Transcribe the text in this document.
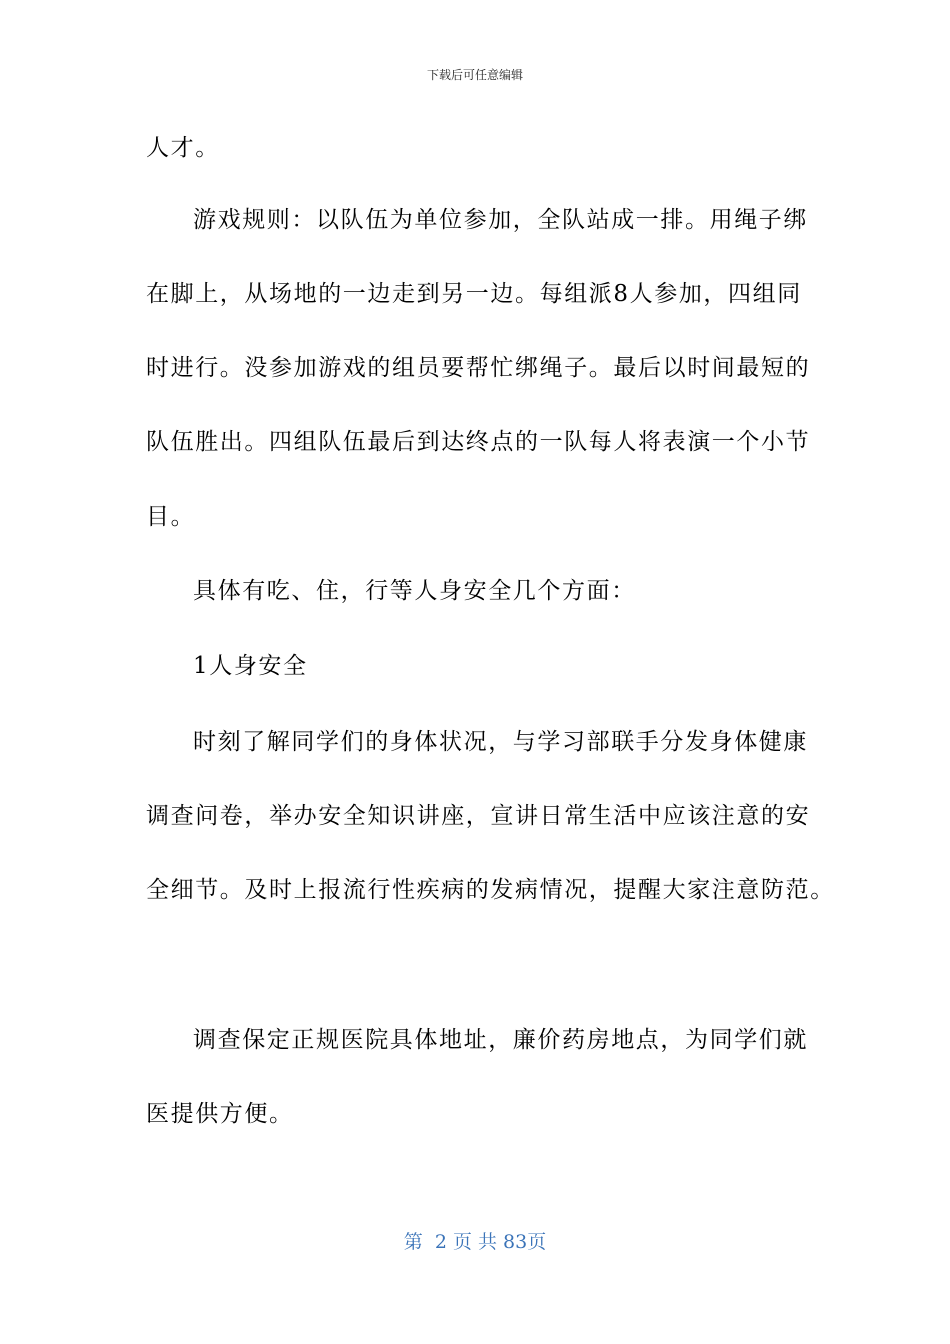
下载后可任意编辑
人才。
游戏规则：以队伍为单位参加，全队站成一排。用绳子绑
在脚上，从场地的一边走到另一边。每组派8人参加，四组同
时进行。没参加游戏的组员要帮忙绑绳子。最后以时间最短的
队伍胜出。四组队伍最后到达终点的一队每人将表演一个小节
目。
具体有吃、住，行等人身安全几个方面：
1人身安全
时刻了解同学们的身体状况，与学习部联手分发身体健康
调查问卷，举办安全知识讲座，宣讲日常生活中应该注意的安
全细节。及时上报流行性疾病的发病情况，提醒大家注意防范。
调查保定正规医院具体地址，廉价药房地点，为同学们就
医提供方便。
第  2 页 共 83页
